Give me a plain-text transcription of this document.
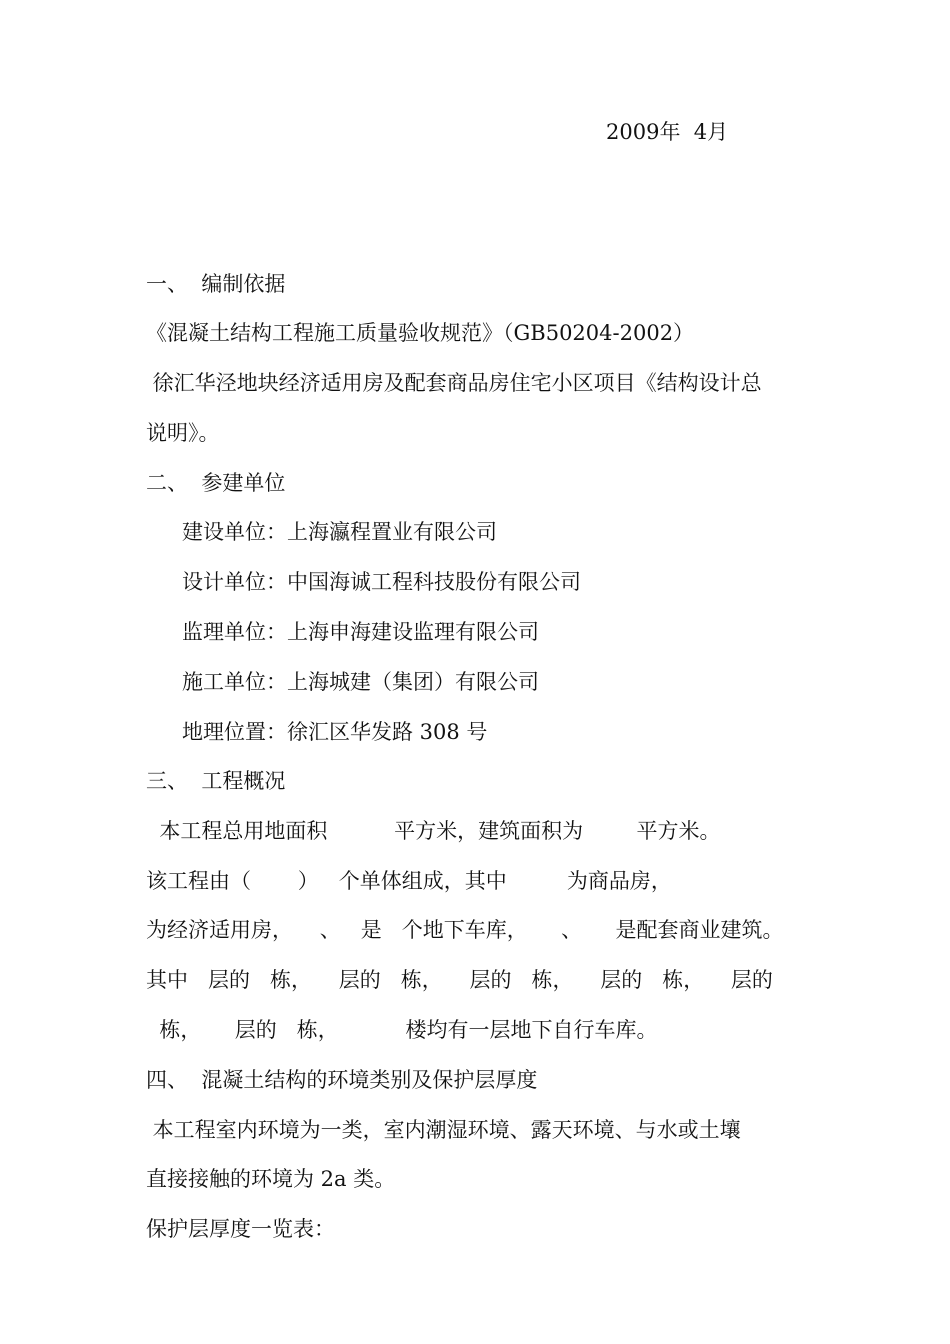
2009年  4月
一、  编制依据
《混凝土结构工程施工质量验收规范》（GB50204-2002）
徐汇华泾地块经济适用房及配套商品房住宅小区项目《结构设计总
说明》。
二、  参建单位
建设单位：上海瀛程置业有限公司
设计单位：中国海诚工程科技股份有限公司
监理单位：上海申海建设监理有限公司
施工单位：上海城建（集团）有限公司
地理位置：徐汇区华发路 308 号
三、  工程概况
本工程总用地面积          平方米，建筑面积为        平方米。
该工程由（       ）   个单体组成，其中         为商品房，
为经济适用房，    、   是   个地下车库，     、     是配套商业建筑。
其中   层的   栋，    层的   栋，    层的   栋，    层的   栋，    层的
栋，     层的   栋，          楼均有一层地下自行车库。
四、  混凝土结构的环境类别及保护层厚度
本工程室内环境为一类，室内潮湿环境、露天环境、与水或土壤
直接接触的环境为 2a 类。
保护层厚度一览表：
